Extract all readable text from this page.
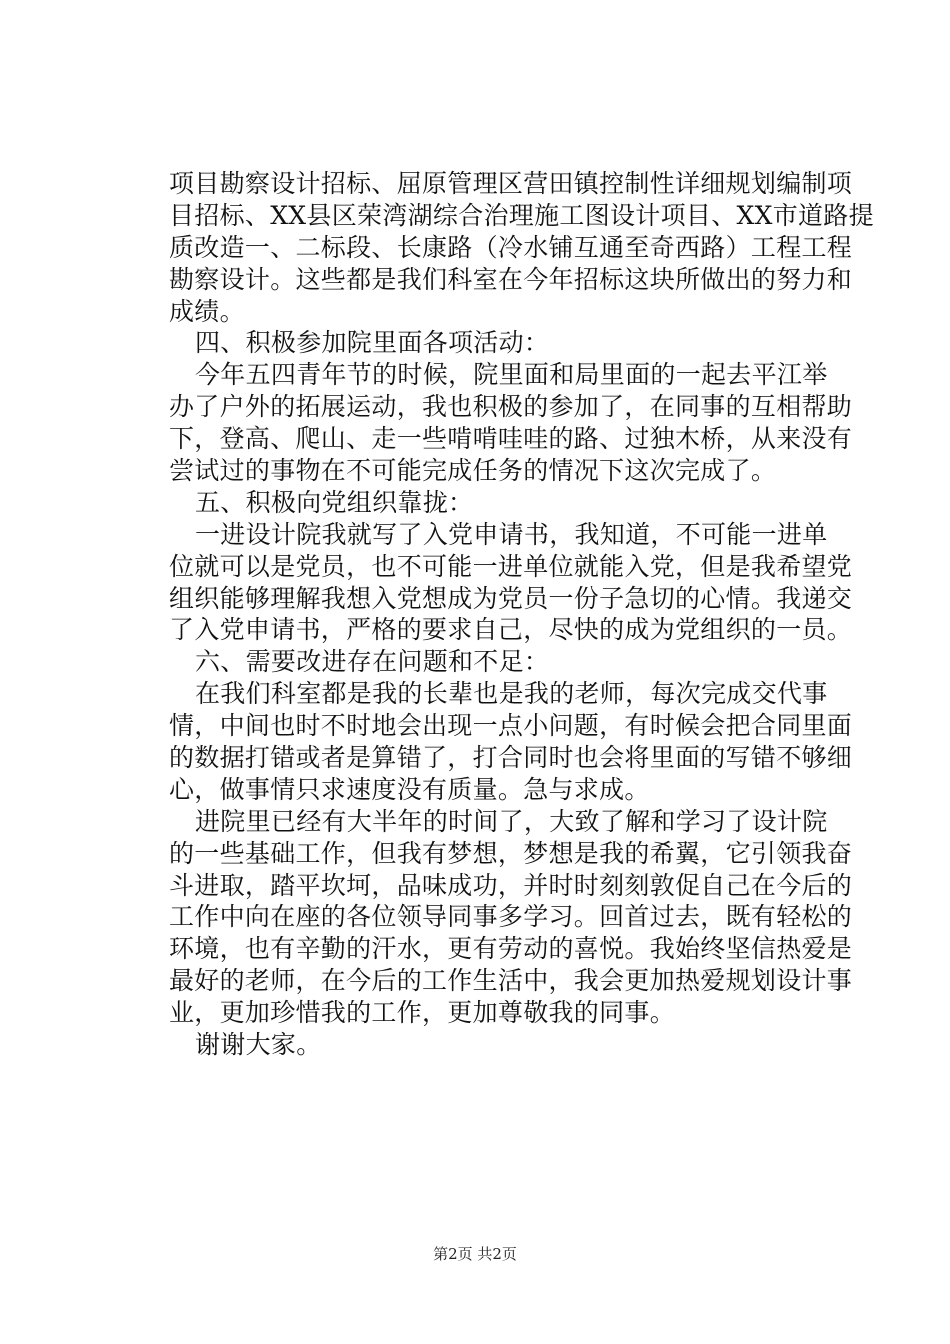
项目勘察设计招标、屈原管理区营田镇控制性详细规划编制项
目招标、XX县区荣湾湖综合治理施工图设计项目、XX市道路提
质改造一、二标段、长康路（冷水铺互通至奇西路）工程工程
勘察设计。这些都是我们科室在今年招标这块所做出的努力和
成绩。
四、积极参加院里面各项活动：
今年五四青年节的时候，院里面和局里面的一起去平江举
办了户外的拓展运动，我也积极的参加了，在同事的互相帮助
下，登高、爬山、走一些啃啃哇哇的路、过独木桥，从来没有
尝试过的事物在不可能完成任务的情况下这次完成了。
五、积极向党组织靠拢：
一进设计院我就写了入党申请书，我知道，不可能一进单
位就可以是党员，也不可能一进单位就能入党，但是我希望党
组织能够理解我想入党想成为党员一份子急切的心情。我递交
了入党申请书，严格的要求自己，尽快的成为党组织的一员。
六、需要改进存在问题和不足：
在我们科室都是我的长辈也是我的老师，每次完成交代事
情，中间也时不时地会出现一点小问题，有时候会把合同里面
的数据打错或者是算错了，打合同时也会将里面的写错不够细
心，做事情只求速度没有质量。急与求成。
进院里已经有大半年的时间了，大致了解和学习了设计院
的一些基础工作，但我有梦想，梦想是我的希翼，它引领我奋
斗进取，踏平坎坷，品味成功，并时时刻刻敦促自己在今后的
工作中向在座的各位领导同事多学习。回首过去，既有轻松的
环境，也有辛勤的汗水，更有劳动的喜悦。我始终坚信热爱是
最好的老师，在今后的工作生活中，我会更加热爱规划设计事
业，更加珍惜我的工作，更加尊敬我的同事。
谢谢大家。
第2页 共2页
